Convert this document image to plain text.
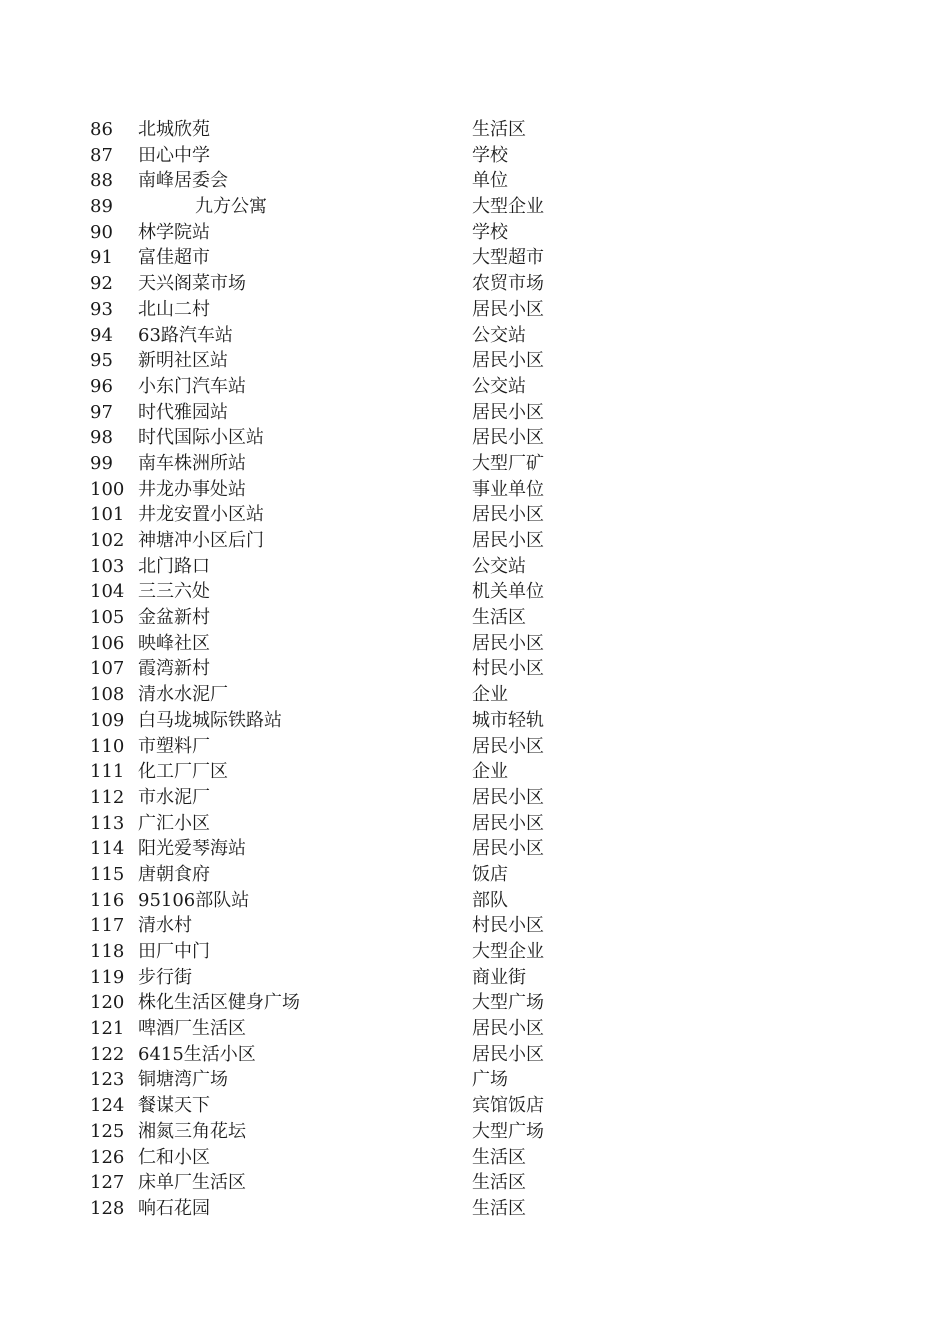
86 北城欣苑	生活区
87 田心中学	学校
88 南峰居委会	单位
89	九方公寓	大型企业
90 林学院站	学校
91 富佳超市	大型超市
92 天兴阁菜市场	农贸市场
93 北山二村	居民小区
94 63路汽车站	公交站
95 新明社区站	居民小区
96 小东门汽车站	公交站
97 时代雅园站	居民小区
98 时代国际小区站	居民小区
99 南车株洲所站	大型厂矿
100 井龙办事处站	事业单位
101 井龙安置小区站	居民小区
102 神塘冲小区后门	居民小区
103 北门路口	公交站
104 三三六处	机关单位
105 金盆新村	生活区
106 映峰社区	居民小区
107 霞湾新村	村民小区
108 清水水泥厂	企业
109 白马垅城际铁路站	城市轻轨
110 市塑料厂	居民小区
111 化工厂厂区	企业
112 市水泥厂	居民小区
113 广汇小区	居民小区
114 阳光爱琴海站	居民小区
115 唐朝食府	饭店
116 95106部队站	部队
117 清水村	村民小区
118 田厂中门	大型企业
119 步行街	商业街
120 株化生活区健身广场	大型广场
121 啤酒厂生活区	居民小区
122 6415生活小区	居民小区
123 铜塘湾广场	广场
124 餐谋天下	宾馆饭店
125 湘氮三角花坛	大型广场
126 仁和小区	生活区
127 床单厂生活区	生活区
128 响石花园	生活区
